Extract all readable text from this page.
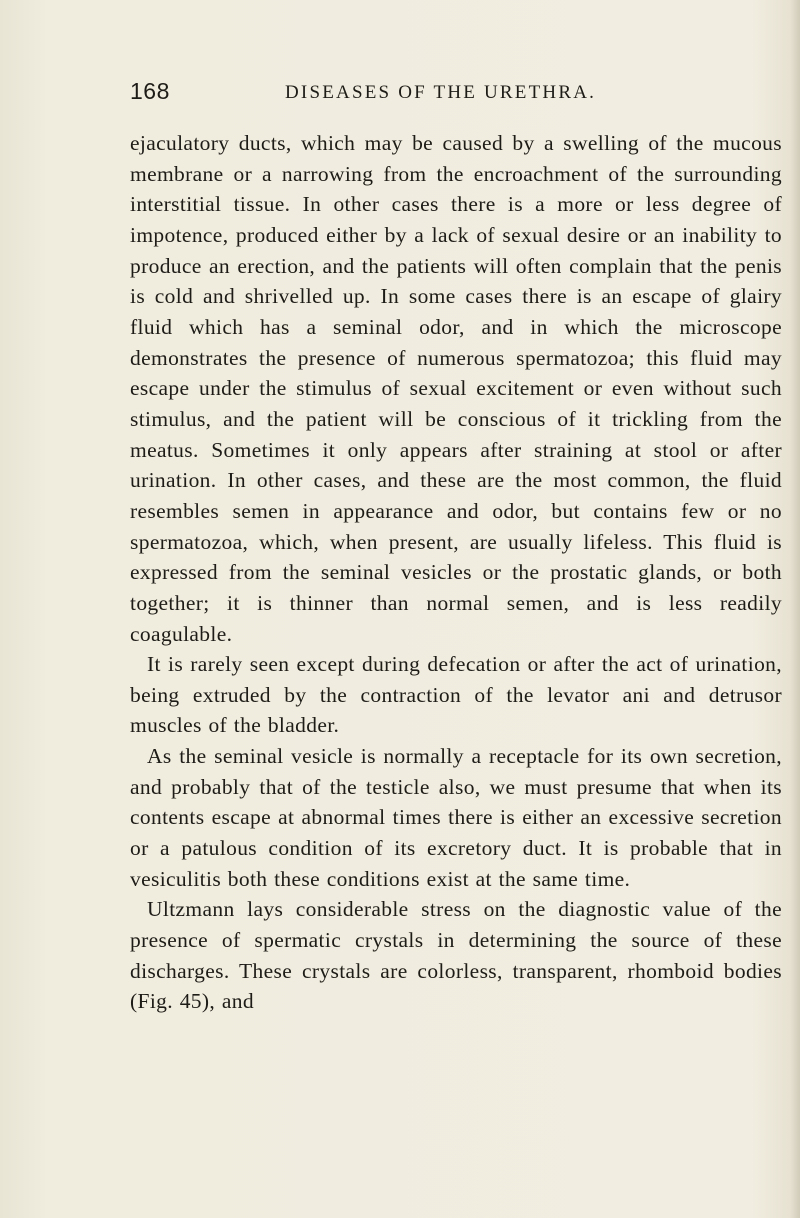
168	DISEASES OF THE URETHRA.

ejaculatory ducts, which may be caused by a swelling of the mucous membrane or a narrowing from the encroachment of the surrounding interstitial tissue. In other cases there is a more or less degree of impotence, produced either by a lack of sexual desire or an inability to produce an erection, and the patients will often complain that the penis is cold and shrivelled up. In some cases there is an escape of glairy fluid which has a seminal odor, and in which the microscope demonstrates the presence of numerous spermatozoa; this fluid may escape under the stimulus of sexual excitement or even without such stimulus, and the patient will be conscious of it trickling from the meatus. Sometimes it only appears after straining at stool or after urination. In other cases, and these are the most common, the fluid resembles semen in appearance and odor, but contains few or no spermatozoa, which, when present, are usually lifeless. This fluid is expressed from the seminal vesicles or the prostatic glands, or both together; it is thinner than normal semen, and is less readily coagulable.

It is rarely seen except during defecation or after the act of urination, being extruded by the contraction of the levator ani and detrusor muscles of the bladder.

As the seminal vesicle is normally a receptacle for its own secretion, and probably that of the testicle also, we must presume that when its contents escape at abnormal times there is either an excessive secretion or a patulous condition of its excretory duct. It is probable that in vesiculitis both these conditions exist at the same time.

Ultzmann lays considerable stress on the diagnostic value of the presence of spermatic crystals in determining the source of these discharges. These crystals are colorless, transparent, rhomboid bodies (Fig. 45), and
